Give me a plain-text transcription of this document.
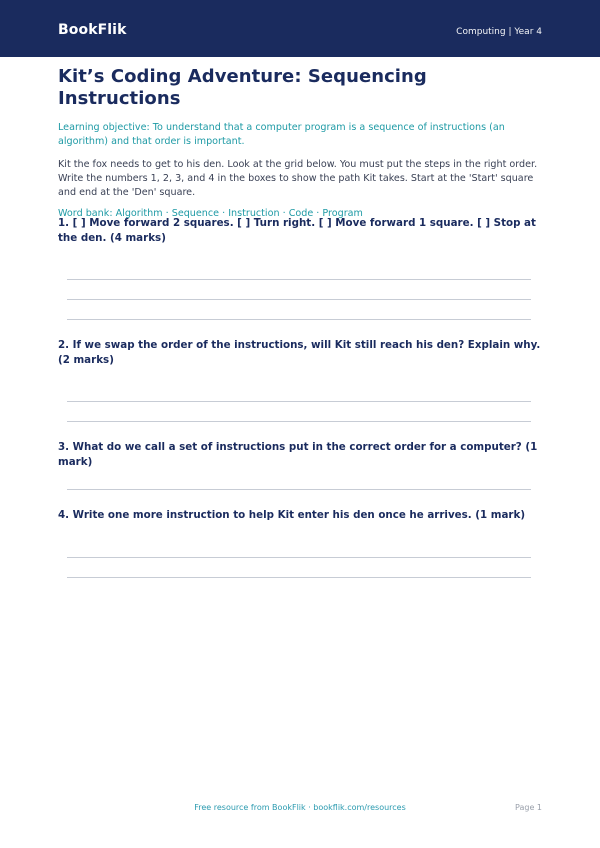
BookFlik	Computing | Year 4
Kit’s Coding Adventure: Sequencing Instructions
Learning objective: To understand that a computer program is a sequence of instructions (an algorithm) and that order is important.
Kit the fox needs to get to his den. Look at the grid below. You must put the steps in the right order. Write the numbers 1, 2, 3, and 4 in the boxes to show the path Kit takes. Start at the 'Start' square and end at the 'Den' square.
Word bank: Algorithm · Sequence · Instruction · Code · Program
1. [ ] Move forward 2 squares. [ ] Turn right. [ ] Move forward 1 square. [ ] Stop at the den. (4 marks)
2. If we swap the order of the instructions, will Kit still reach his den? Explain why. (2 marks)
3. What do we call a set of instructions put in the correct order for a computer? (1 mark)
4. Write one more instruction to help Kit enter his den once he arrives. (1 mark)
Free resource from BookFlik · bookflik.com/resources	Page 1
